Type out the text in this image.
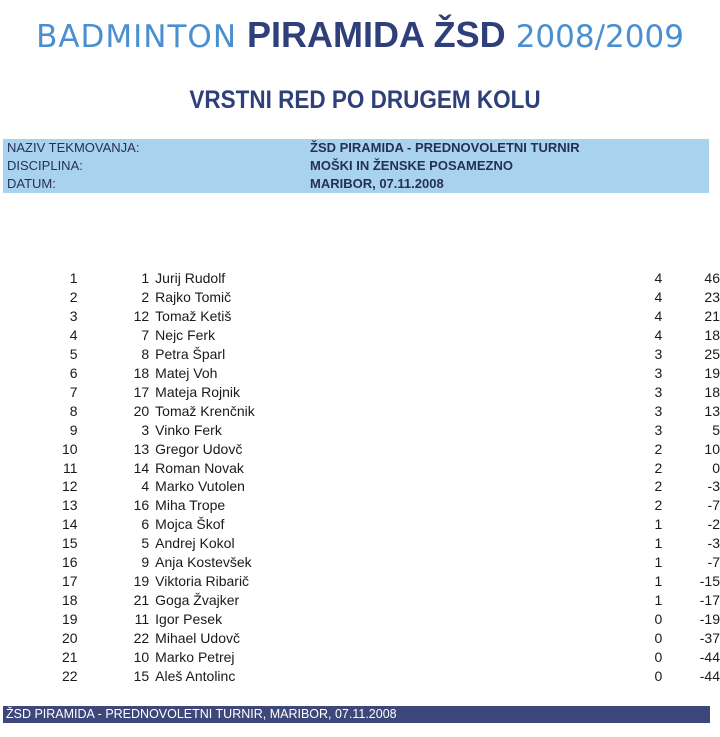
BADMINTON PIRAMIDA ŽSD 2008/2009
VRSTNI RED PO DRUGEM KOLU
NAZIV TEKMOVANJA:	ŽSD PIRAMIDA - PREDNOVOLETNI TURNIR
DISCIPLINA:	MOŠKI IN ŽENSKE POSAMEZNO
DATUM:	MARIBOR, 07.11.2008
1	1	Jurij Rudolf	4	46
2	2	Rajko Tomič	4	23
3	12	Tomaž Ketiš	4	21
4	7	Nejc Ferk	4	18
5	8	Petra Šparl	3	25
6	18	Matej Voh	3	19
7	17	Mateja Rojnik	3	18
8	20	Tomaž Krenčnik	3	13
9	3	Vinko Ferk	3	5
10	13	Gregor Udovč	2	10
11	14	Roman Novak	2	0
12	4	Marko Vutolen	2	-3
13	16	Miha Trope	2	-7
14	6	Mojca Škof	1	-2
15	5	Andrej Kokol	1	-3
16	9	Anja Kostevšek	1	-7
17	19	Viktoria Ribarič	1	-15
18	21	Goga Žvajker	1	-17
19	11	Igor Pesek	0	-19
20	22	Mihael Udovč	0	-37
21	10	Marko Petrej	0	-44
22	15	Aleš Antolinc	0	-44
ŽSD PIRAMIDA - PREDNOVOLETNI TURNIR, MARIBOR, 07.11.2008
